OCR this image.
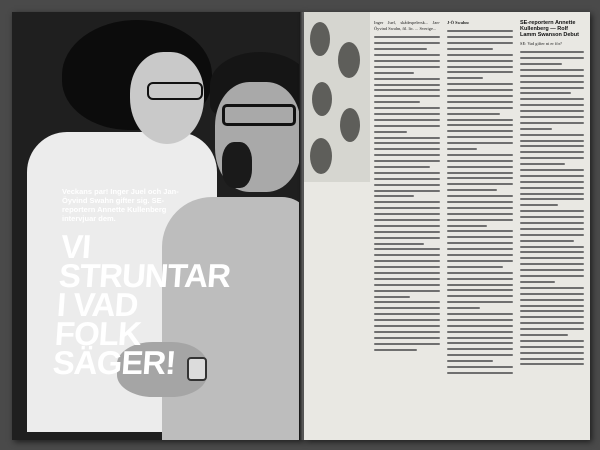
Veckans par! Inger Juel och Jan-Öyvind Swahn gifter sig. SE-reportern Annette Kullenberg intervjuar dem.
VI
STRUNTAR
I VAD
FOLK
SÄGER!
Inger Juel, skådespelersk... Jan-Öyvind Swahn, fil. lic. ... Sverige...
J-Ö Swahn:	SE-reportern Annette Kullenberg — Rolf Lamm Swanson Debut
SE: Vad gifter ni er för?
